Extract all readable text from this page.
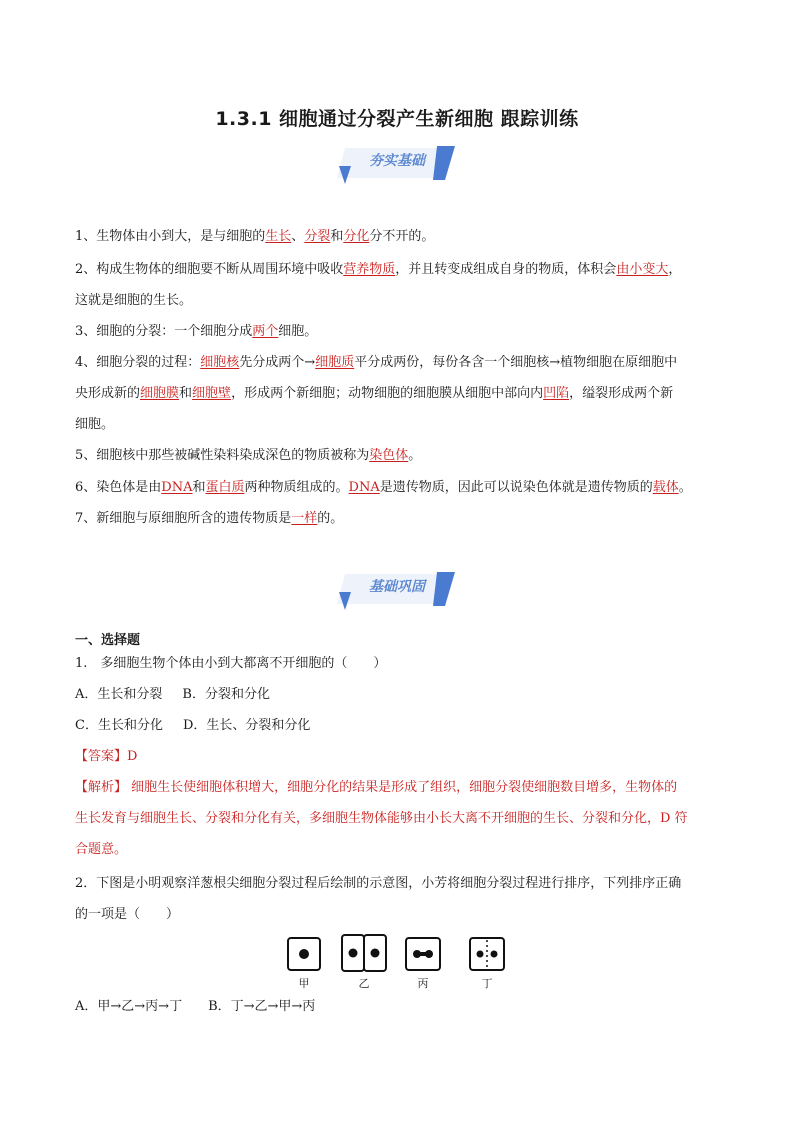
1.3.1 细胞通过分裂产生新细胞 跟踪训练
夯实基础
1、生物体由小到大，是与细胞的生长、分裂和分化分不开的。
2、构成生物体的细胞要不断从周围环境中吸收营养物质，并且转变成组成自身的物质，体积会由小变大，
这就是细胞的生长。
3、细胞的分裂：一个细胞分成两个细胞。
4、细胞分裂的过程：细胞核先分成两个→细胞质平分成两份，每份各含一个细胞核→植物细胞在原细胞中
央形成新的细胞膜和细胞壁，形成两个新细胞；动物细胞的细胞膜从细胞中部向内凹陷，缢裂形成两个新
细胞。
5、细胞核中那些被碱性染料染成深色的物质被称为染色体。
6、染色体是由DNA和蛋白质两种物质组成的。DNA是遗传物质，因此可以说染色体就是遗传物质的载体。
7、新细胞与原细胞所含的遗传物质是一样的。
基础巩固
一、选择题
1.　多细胞生物个体由小到大都离不开细胞的（　　）
A．生长和分裂 B．分裂和分化
C．生长和分化 D．生长、分裂和分化
【答案】D
【解析】 细胞生长使细胞体积增大，细胞分化的结果是形成了组织，细胞分裂使细胞数目增多，生物体的
生长发育与细胞生长、分裂和分化有关，多细胞生物体能够由小长大离不开细胞的生长、分裂和分化，D 符
合题意。
2．下图是小明观察洋葱根尖细胞分裂过程后绘制的示意图，小芳将细胞分裂过程进行排序，下列排序正确
的一项是（　　）
甲	乙	丙	丁
A．甲→乙→丙→丁 B．丁→乙→甲→丙
